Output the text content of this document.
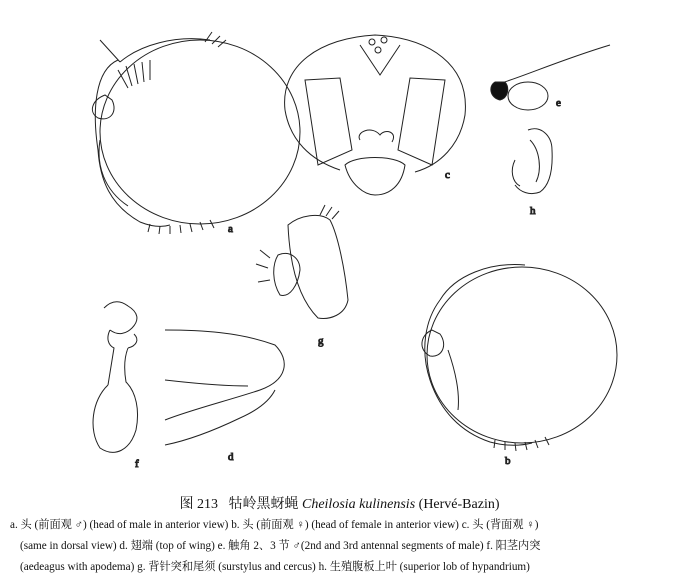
a
b
c
d
e
f
g
h
图 213 牯岭黑蚜蝇 Cheilosia kulinensis (Hervé-Bazin)
a. 头 (前面观 ♂) (head of male in anterior view) b. 头 (前面观 ♀) (head of female in anterior view) c. 头 (背面观 ♀)
(same in dorsal view) d. 翅端 (top of wing) e. 触角 2、3 节 ♂(2nd and 3rd antennal segments of male) f. 阳茎内突
(aedeagus with apodema) g. 背针突和尾须 (surstylus and cercus) h. 生殖腹板上叶 (superior lob of hypandrium)
